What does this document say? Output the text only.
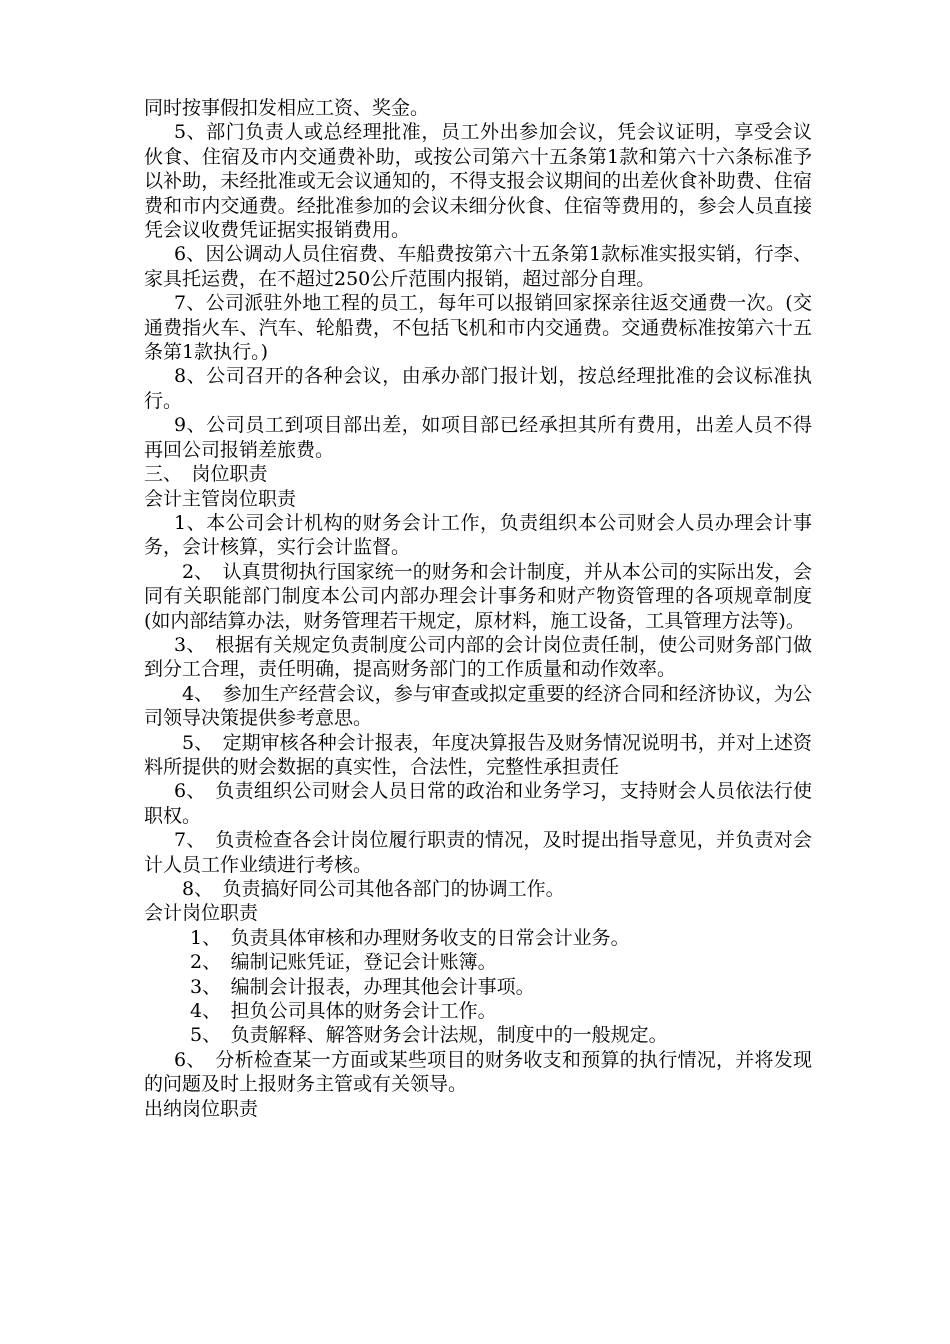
同时按事假扣发相应工资、奖金。

5、部门负责人或总经理批准，员工外出参加会议，凭会议证明，享受会议伙食、住宿及市内交通费补助，或按公司第六十五条第1款和第六十六条标准予以补助，未经批准或无会议通知的，不得支报会议期间的出差伙食补助费、住宿费和市内交通费。经批准参加的会议未细分伙食、住宿等费用的，参会人员直接凭会议收费凭证据实报销费用。

6、因公调动人员住宿费、车船费按第六十五条第1款标准实报实销，行李、家具托运费，在不超过250公斤范围内报销，超过部分自理。

7、公司派驻外地工程的员工，每年可以报销回家探亲往返交通费一次。(交通费指火车、汽车、轮船费，不包括飞机和市内交通费。交通费标准按第六十五条第1款执行。)

8、公司召开的各种会议，由承办部门报计划，按总经理批准的会议标准执行。

9、公司员工到项目部出差，如项目部已经承担其所有费用，出差人员不得再回公司报销差旅费。

三、　岗位职责

会计主管岗位职责

1、本公司会计机构的财务会计工作，负责组织本公司财会人员办理会计事务，会计核算，实行会计监督。

2、　认真贯彻执行国家统一的财务和会计制度，并从本公司的实际出发，会同有关职能部门制度本公司内部办理会计事务和财产物资管理的各项规章制度(如内部结算办法，财务管理若干规定，原材料，施工设备，工具管理方法等)。

3、　根据有关规定负责制度公司内部的会计岗位责任制，使公司财务部门做到分工合理，责任明确，提高财务部门的工作质量和动作效率。

4、　参加生产经营会议，参与审查或拟定重要的经济合同和经济协议，为公司领导决策提供参考意思。

5、　定期审核各种会计报表，年度决算报告及财务情况说明书，并对上述资料所提供的财会数据的真实性，合法性，完整性承担责任

6、　负责组织公司财会人员日常的政治和业务学习，支持财会人员依法行使职权。

7、　负责检查各会计岗位履行职责的情况，及时提出指导意见，并负责对会计人员工作业绩进行考核。

8、　负责搞好同公司其他各部门的协调工作。

会计岗位职责

1、　负责具体审核和办理财务收支的日常会计业务。

2、　编制记账凭证，登记会计账簿。

3、　编制会计报表，办理其他会计事项。

4、　担负公司具体的财务会计工作。

5、　负责解释、解答财务会计法规，制度中的一般规定。

6、　分析检查某一方面或某些项目的财务收支和预算的执行情况，并将发现的问题及时上报财务主管或有关领导。

出纳岗位职责
